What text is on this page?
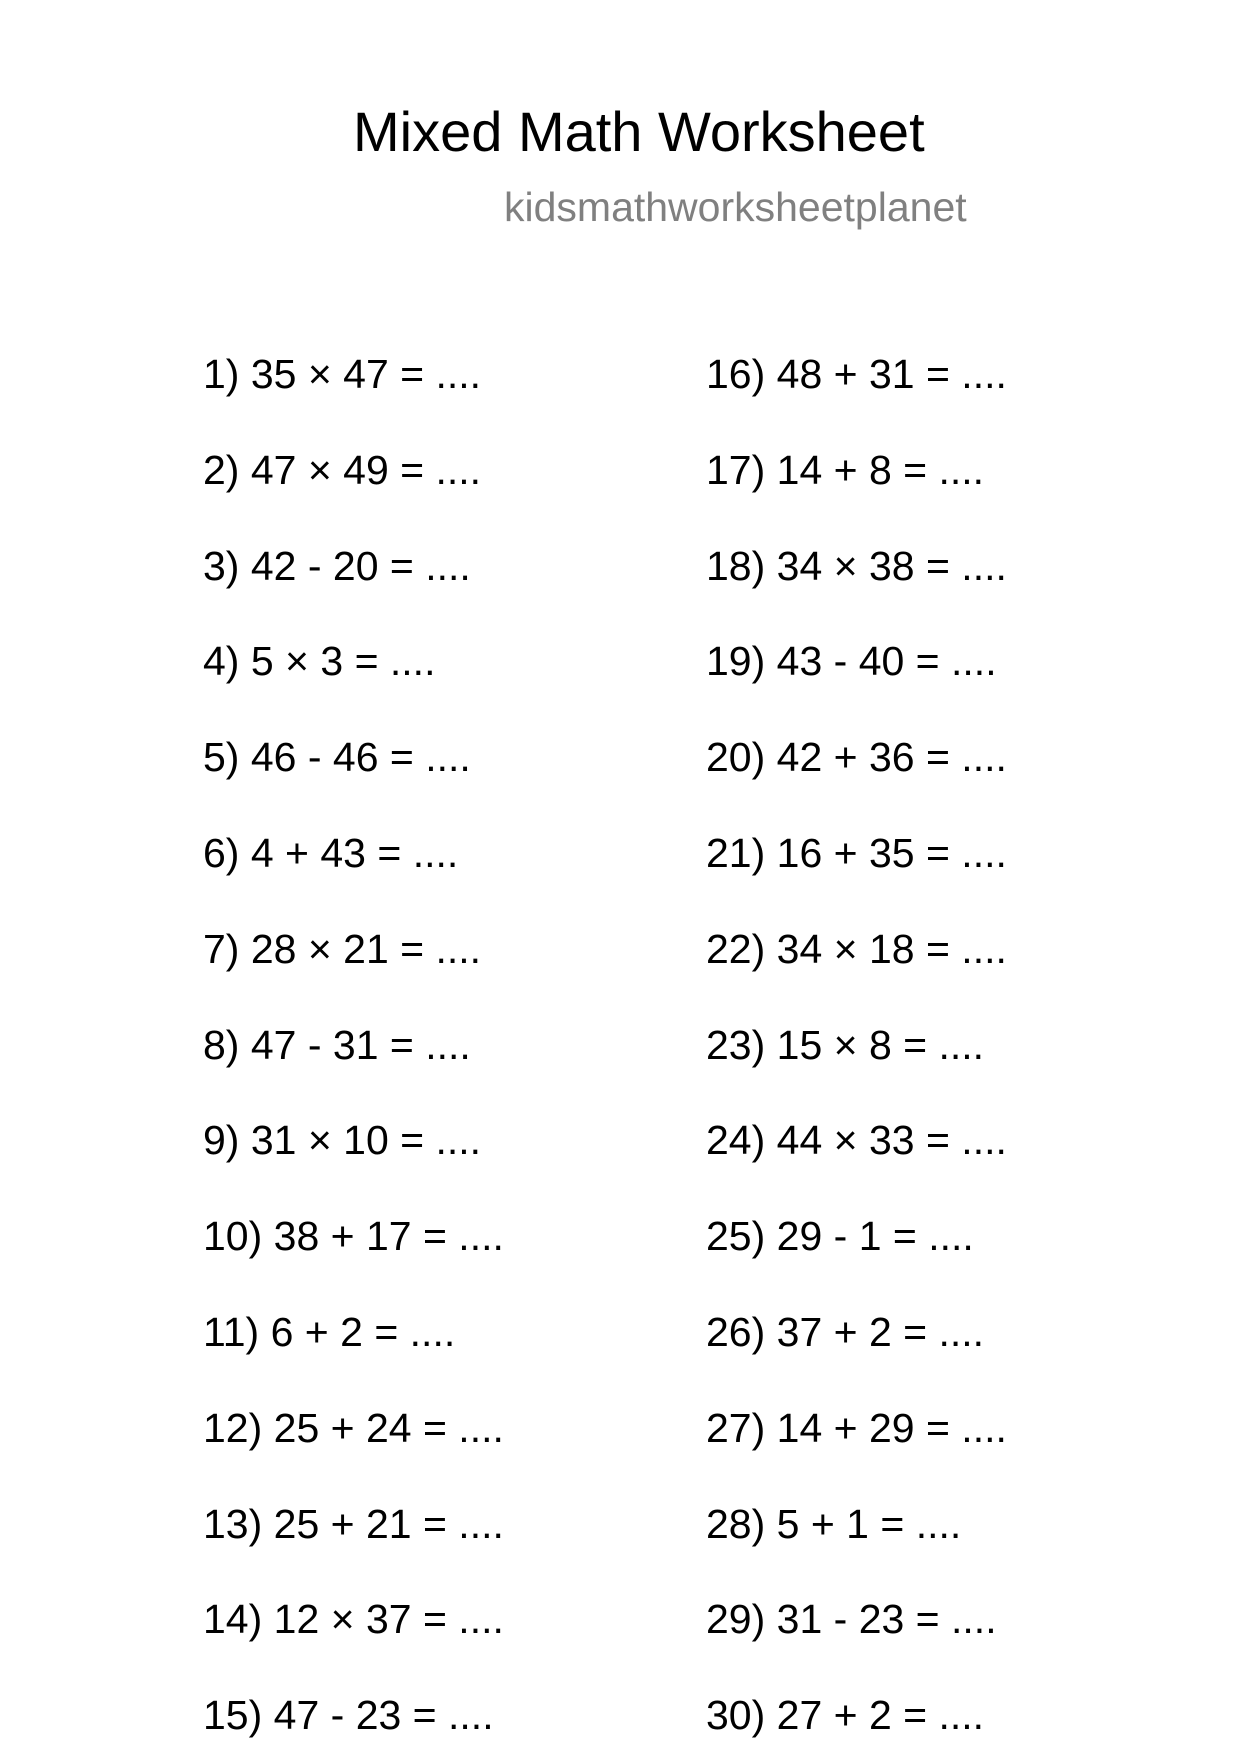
Mixed Math Worksheet
kidsmathworksheetplanet
1) 35 × 47 = ....
2) 47 × 49 = ....
3) 42 - 20 = ....
4) 5 × 3 = ....
5) 46 - 46 = ....
6) 4 + 43 = ....
7) 28 × 21 = ....
8) 47 - 31 = ....
9) 31 × 10 = ....
10) 38 + 17 = ....
11) 6 + 2 = ....
12) 25 + 24 = ....
13) 25 + 21 = ....
14) 12 × 37 = ....
15) 47 - 23 = ....
16) 48 + 31 = ....
17) 14 + 8 = ....
18) 34 × 38 = ....
19) 43 - 40 = ....
20) 42 + 36 = ....
21) 16 + 35 = ....
22) 34 × 18 = ....
23) 15 × 8 = ....
24) 44 × 33 = ....
25) 29 - 1 = ....
26) 37 + 2 = ....
27) 14 + 29 = ....
28) 5 + 1 = ....
29) 31 - 23 = ....
30) 27 + 2 = ....
